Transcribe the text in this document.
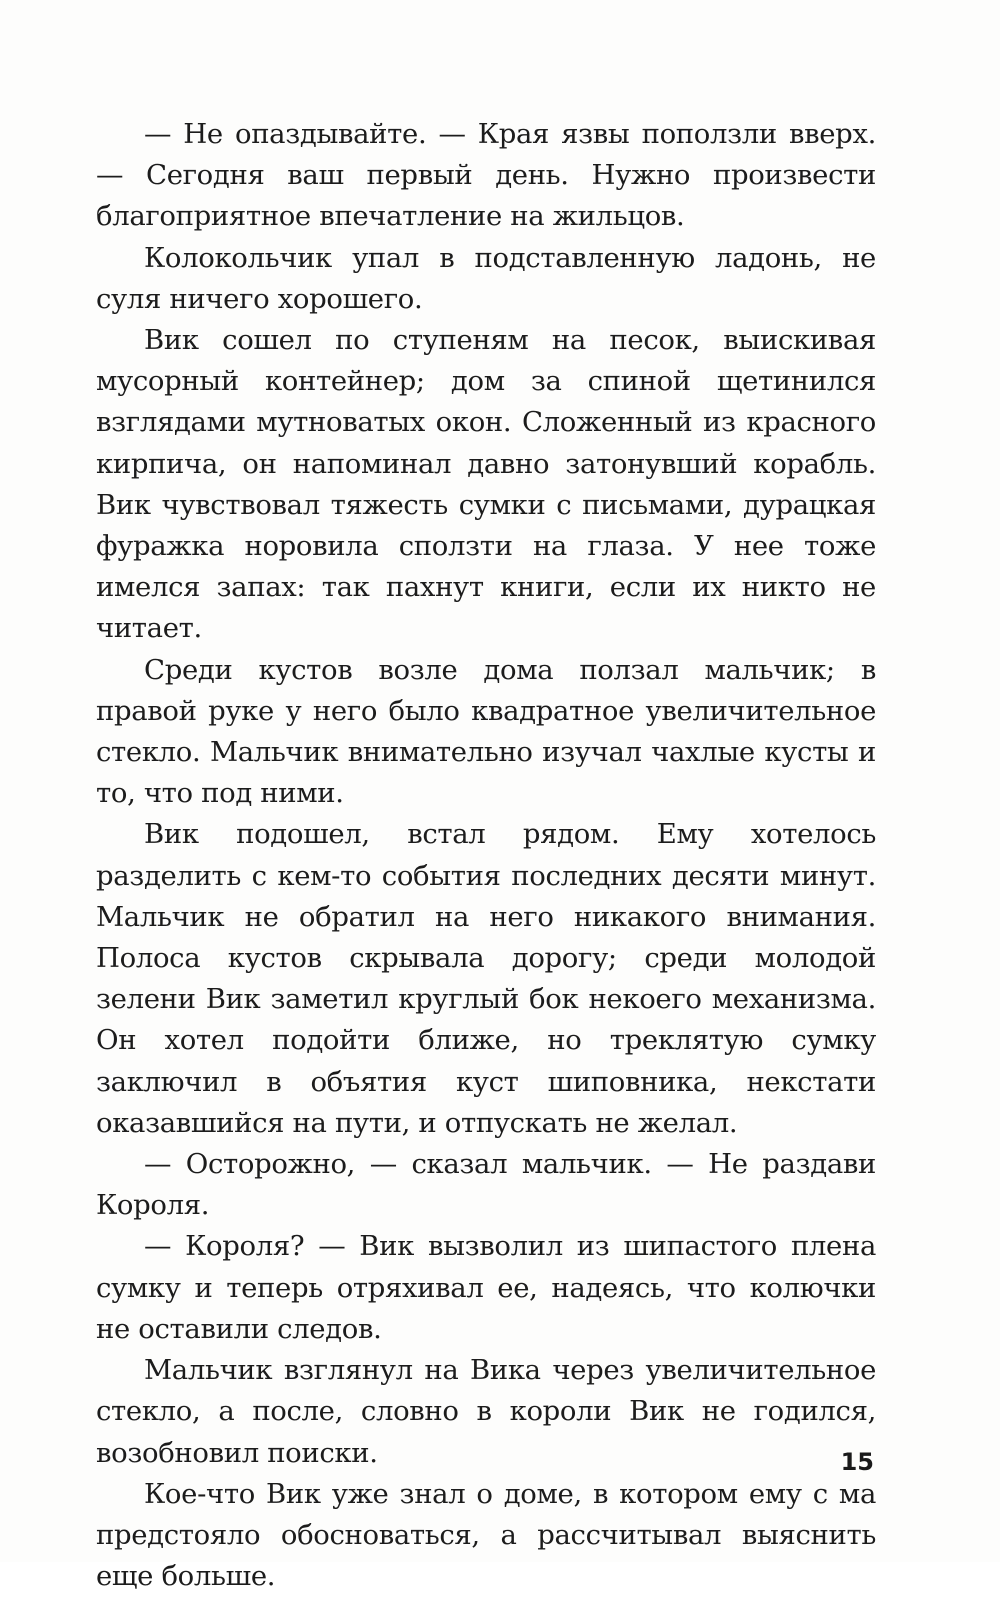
— Не опаздывайте. — Края язвы поползли вверх. — Сегодня ваш первый день. Нужно произвести благоприятное впечатление на жильцов.

Колокольчик упал в подставленную ладонь, не суля ничего хорошего.

Вик сошел по ступеням на песок, выискивая мусорный контейнер; дом за спиной щетинился взглядами мутноватых окон. Сложенный из красного кирпича, он напоминал давно затонувший корабль. Вик чувствовал тяжесть сумки с письмами, дурацкая фуражка норовила сползти на глаза. У нее тоже имелся запах: так пахнут книги, если их никто не читает.

Среди кустов возле дома ползал мальчик; в правой руке у него было квадратное увеличительное стекло. Мальчик внимательно изучал чахлые кусты и то, что под ними.

Вик подошел, встал рядом. Ему хотелось разделить с кем-то события последних десяти минут. Мальчик не обратил на него никакого внимания. Полоса кустов скрывала дорогу; среди молодой зелени Вик заметил круглый бок некоего механизма. Он хотел подойти ближе, но треклятую сумку заключил в объятия куст шиповника, некстати оказавшийся на пути, и отпускать не желал.

— Осторожно, — сказал мальчик. — Не раздави Короля.

— Короля? — Вик вызволил из шипастого плена сумку и теперь отряхивал ее, надеясь, что колючки не оставили следов.

Мальчик взглянул на Вика через увеличительное стекло, а после, словно в короли Вик не годился, возобновил поиски.

Кое-что Вик уже знал о доме, в котором ему с ма предстояло обосноваться, а рассчитывал выяснить еще больше.

15
